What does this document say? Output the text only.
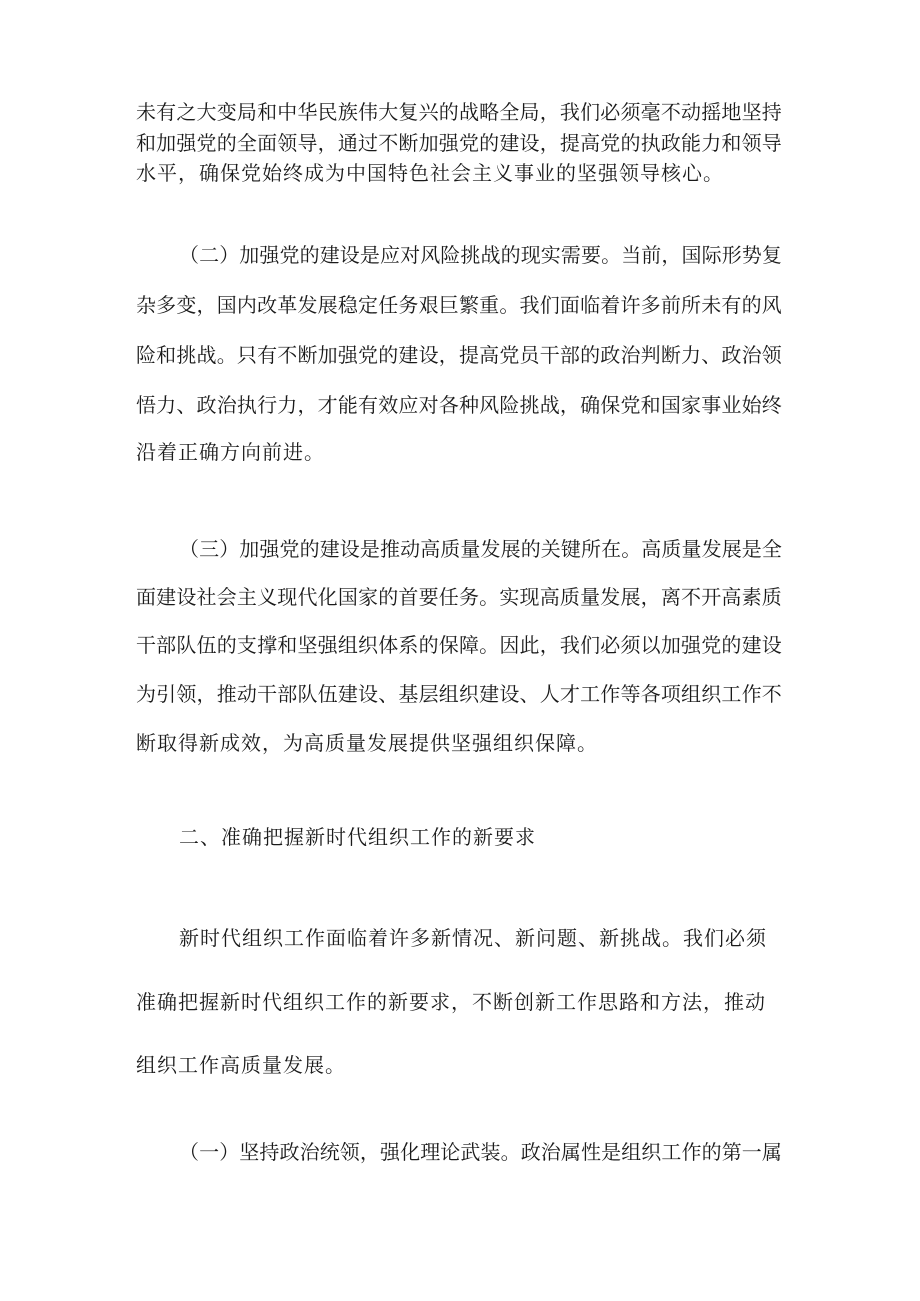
未有之大变局和中华民族伟大复兴的战略全局，我们必须毫不动摇地坚持
和加强党的全面领导，通过不断加强党的建设，提高党的执政能力和领导
水平，确保党始终成为中国特色社会主义事业的坚强领导核心。
（二）加强党的建设是应对风险挑战的现实需要。当前，国际形势复
杂多变，国内改革发展稳定任务艰巨繁重。我们面临着许多前所未有的风
险和挑战。只有不断加强党的建设，提高党员干部的政治判断力、政治领
悟力、政治执行力，才能有效应对各种风险挑战，确保党和国家事业始终
沿着正确方向前进。
（三）加强党的建设是推动高质量发展的关键所在。高质量发展是全
面建设社会主义现代化国家的首要任务。实现高质量发展，离不开高素质
干部队伍的支撑和坚强组织体系的保障。因此，我们必须以加强党的建设
为引领，推动干部队伍建设、基层组织建设、人才工作等各项组织工作不
断取得新成效，为高质量发展提供坚强组织保障。
二、准确把握新时代组织工作的新要求
新时代组织工作面临着许多新情况、新问题、新挑战。我们必须
准确把握新时代组织工作的新要求，不断创新工作思路和方法，推动
组织工作高质量发展。
（一）坚持政治统领，强化理论武装。政治属性是组织工作的第一属
